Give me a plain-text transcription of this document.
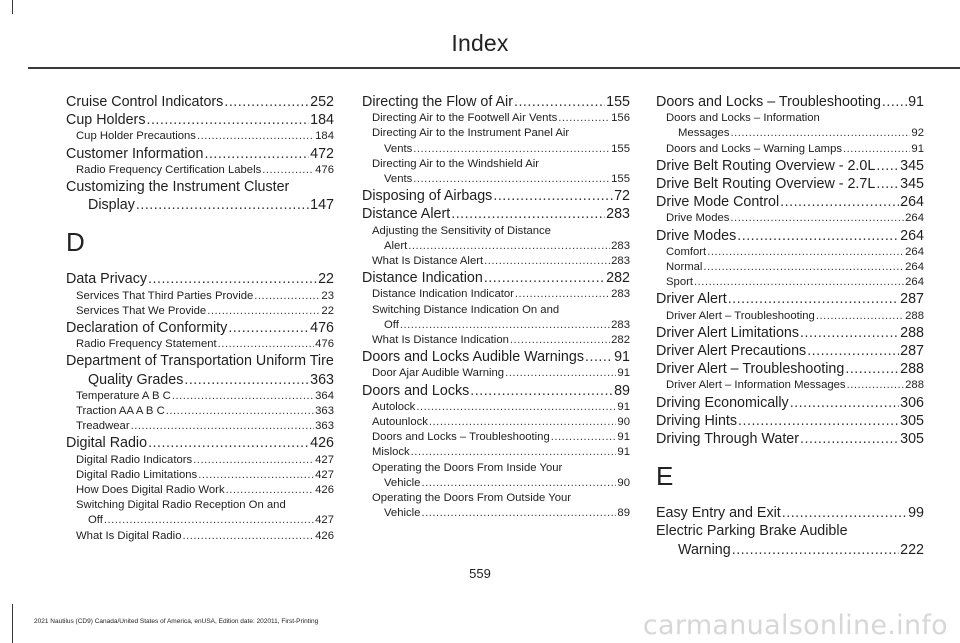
Index
Cruise Control Indicators .....	252
Cup Holders .....	184
Cup Holder Precautions .....	184
Customer Information .....	472
Radio Frequency Certification Labels .....	476
Customizing the Instrument Cluster
Display .....	147
D
Data Privacy .....	22
Services That Third Parties Provide .....	23
Services That We Provide .....	22
Declaration of Conformity .....	476
Radio Frequency Statement .....	476
Department of Transportation Uniform Tire
Quality Grades .....	363
Temperature A B C .....	364
Traction AA A B C .....	363
Treadwear .....	363
Digital Radio .....	426
Digital Radio Indicators .....	427
Digital Radio Limitations .....	427
How Does Digital Radio Work .....	426
Switching Digital Radio Reception On and
Off .....	427
What Is Digital Radio .....	426
Directing the Flow of Air .....	155
Directing Air to the Footwell Air Vents .....	156
Directing Air to the Instrument Panel Air
Vents .....	155
Directing Air to the Windshield Air
Vents .....	155
Disposing of Airbags .....	72
Distance Alert .....	283
Adjusting the Sensitivity of Distance
Alert .....	283
What Is Distance Alert .....	283
Distance Indication .....	282
Distance Indication Indicator .....	283
Switching Distance Indication On and
Off .....	283
What Is Distance Indication .....	282
Doors and Locks Audible Warnings ..... 91
Door Ajar Audible Warning .....	91
Doors and Locks .....	89
Autolock .....	91
Autounlock .....	90
Doors and Locks – Troubleshooting .....	91
Mislock .....	91
Operating the Doors From Inside Your
Vehicle .....	90
Operating the Doors From Outside Your
Vehicle .....	89
Doors and Locks – Troubleshooting ..... 91
Doors and Locks – Information
Messages .....	92
Doors and Locks – Warning Lamps .....	91
Drive Belt Routing Overview - 2.0L ..... 345
Drive Belt Routing Overview - 2.7L ..... 345
Drive Mode Control .....	264
Drive Modes .....	264
Drive Modes .....	264
Comfort .....	264
Normal .....	264
Sport .....	264
Driver Alert .....	287
Driver Alert – Troubleshooting .....	288
Driver Alert Limitations .....	288
Driver Alert Precautions .....	287
Driver Alert – Troubleshooting .....	288
Driver Alert – Information Messages .....	288
Driving Economically .....	306
Driving Hints .....	305
Driving Through Water .....	305
E
Easy Entry and Exit .....	99
Electric Parking Brake Audible
Warning .....	222
559
2021 Nautilus (CD9) Canada/United States of America, enUSA, Edition date: 202011, First-Printing	carmanualsonline.info
